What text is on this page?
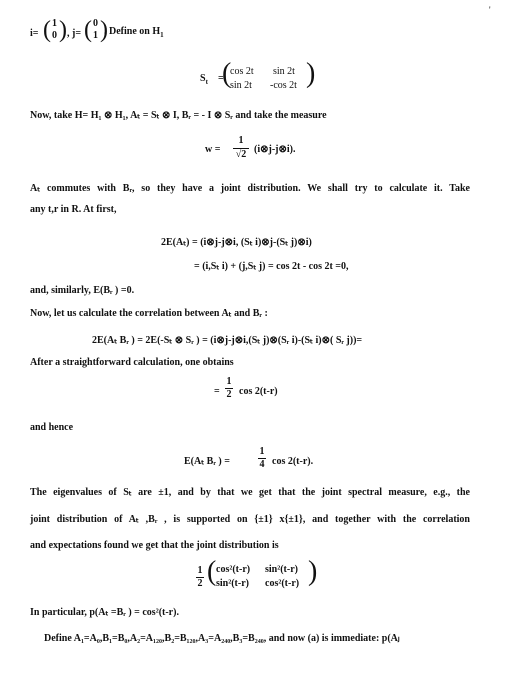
'
i= ( 1
0 ) , j= ( 0
1 )
. Define on $H_1$
$S_t$ =
(
cos 2t sin 2t
sin 2t -cos 2t )
Now, take H= H₁ ⊗ H₁, Aₜ = Sₜ ⊗ I, Bᵣ = - I ⊗ Sᵣ and take the measure
w =
1
√2 (i⊗j-j⊗i).
Aₜ commutes with Bᵣ, so they have a joint distribution. We shall try to calculate it. Take
any t,r in R. At first,
2E(Aₜ) = (i⊗j-j⊗i, (Sₜ i)⊗j-(Sₜ j)⊗i)
= (i,Sₜ i) + (j,Sₜ j) = cos 2t - cos 2t =0,
and, similarly, E(Bᵣ ) =0.
Now, let us calculate the correlation between Aₜ and Bᵣ :
2E(Aₜ Bᵣ ) = 2E(-Sₜ ⊗ Sᵣ ) = (i⊗j-j⊗i,(Sₜ j)⊗(Sᵣ i)-(Sₜ i)⊗( Sᵣ j))=
After a straightforward calculation, one obtains
=
1
2 cos 2(t-r)
and hence
E(Aₜ Bᵣ ) =
1
4 cos 2(t-r).
The eigenvalues of Sₜ are ±1, and by that we get that the joint spectral measure, e.g., the
joint distribution of Aₜ ,Bᵣ , is supported on {±1} x{±1}, and together with the correlation
and expectations found we get that the joint distribution is
1
2 ( cos²(t-r) sin²(t-r)
sin²(t-r) cos²(t-r) )
In particular, p(Aₜ =Bᵣ ) = cos²(t-r).
Define A₁=A₀,B₁=B₀,A₂=A₁₂₀,B₂=B₁₂₀,A₃=A₂₄₀,B₃=B₂₄₀, and now (a) is immediate: p(Aⱼ
